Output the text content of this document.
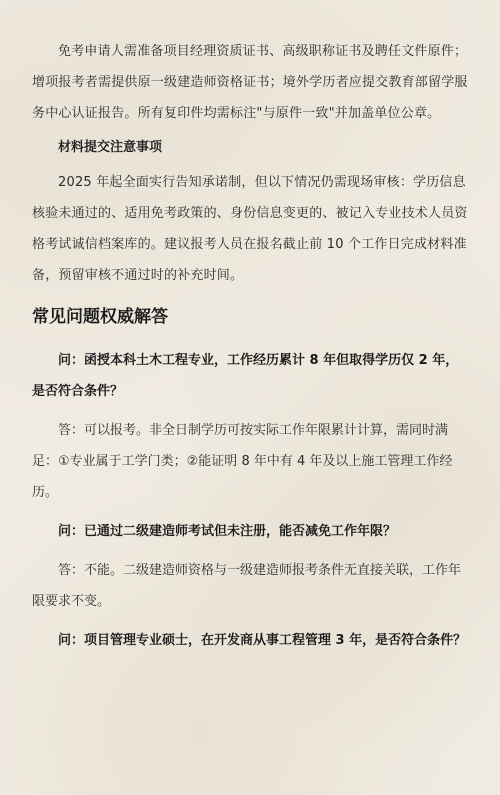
免考申请人需准备项目经理资质证书、高级职称证书及聘任文件原件；增项报考者需提供原一级建造师资格证书；境外学历者应提交教育部留学服务中心认证报告。所有复印件均需标注"与原件一致"并加盖单位公章。

材料提交注意事项

2025 年起全面实行告知承诺制，但以下情况仍需现场审核：学历信息核验未通过的、适用免考政策的、身份信息变更的、被记入专业技术人员资格考试诚信档案库的。建议报考人员在报名截止前 10 个工作日完成材料准备，预留审核不通过时的补充时间。

常见问题权威解答

问：函授本科土木工程专业，工作经历累计 8 年但取得学历仅 2 年，是否符合条件？

答：可以报考。非全日制学历可按实际工作年限累计计算，需同时满足：①专业属于工学门类；②能证明 8 年中有 4 年及以上施工管理工作经历。

问：已通过二级建造师考试但未注册，能否减免工作年限？

答：不能。二级建造师资格与一级建造师报考条件无直接关联，工作年限要求不变。

问：项目管理专业硕士，在开发商从事工程管理 3 年，是否符合条件？
